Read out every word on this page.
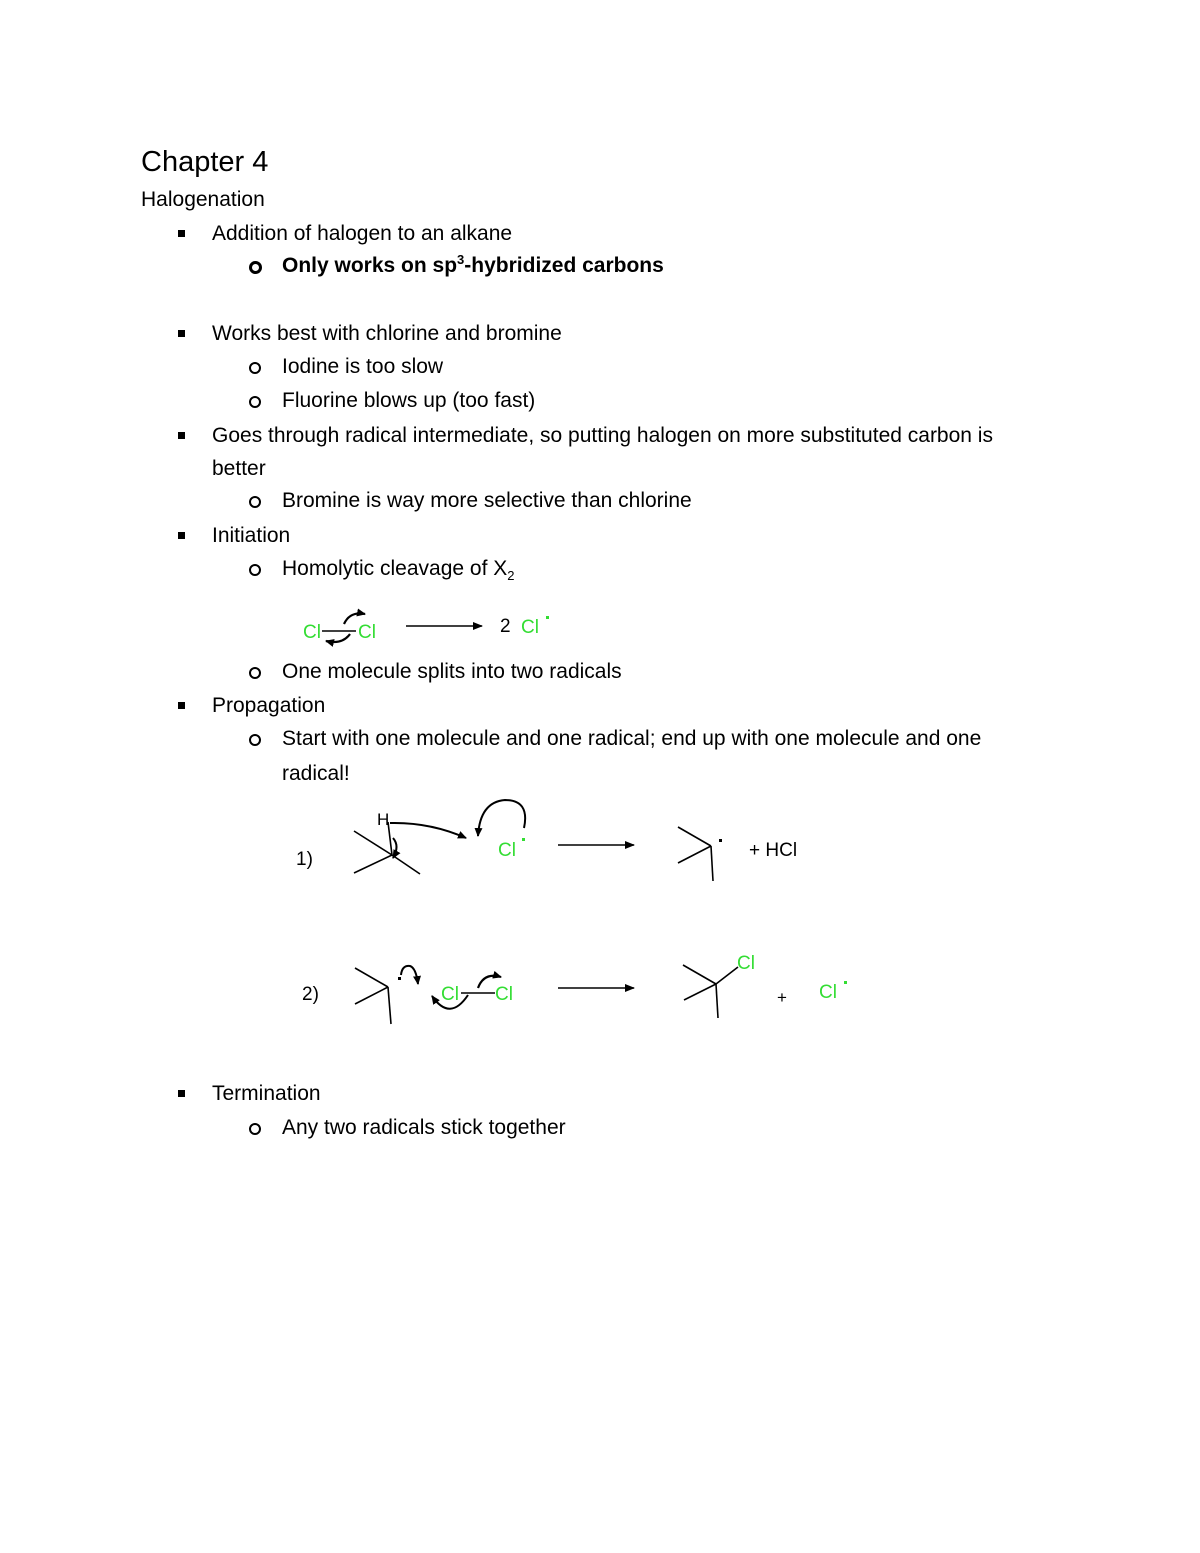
Chapter 4
Halogenation
Addition of halogen to an alkane
Only works on $sp^3$-hybridized carbons
Works best with chlorine and bromine
Iodine is too slow
Fluorine blows up (too fast)
Goes through radical intermediate, so putting halogen on more substituted carbon is
better
Bromine is way more selective than chlorine
Initiation
Homolytic cleavage of $X_2$
One molecule splits into two radicals
Propagation
Start with one molecule and one radical; end up with one molecule and one
radical!
Termination
Any two radicals stick together
Cl Cl	2 Cl
1)
H
Cl	+ HCl
2)	Cl Cl
Cl
+ Cl
